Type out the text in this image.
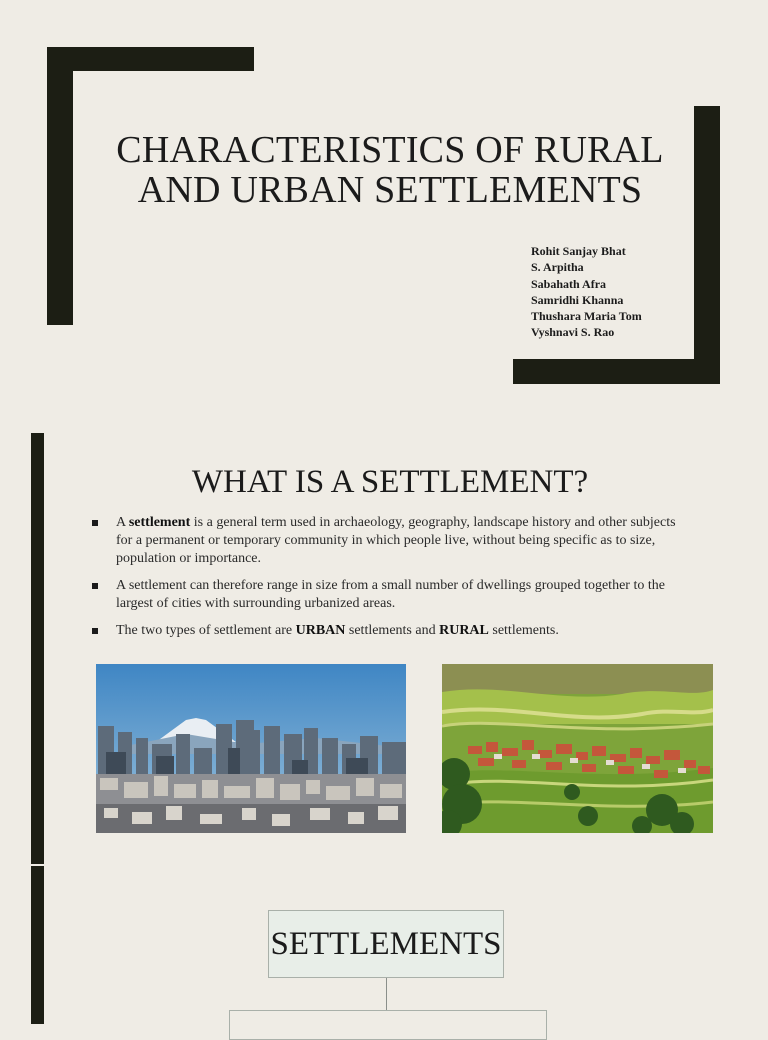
CHARACTERISTICS OF RURAL
AND URBAN SETTLEMENTS
Rohit Sanjay Bhat
S. Arpitha
Sabahath Afra
Samridhi Khanna
Thushara Maria Tom
Vyshnavi S. Rao
WHAT IS A SETTLEMENT?
A settlement is a general term used in archaeology, geography, landscape history and other subjects for a permanent or temporary community in which people live, without being specific as to size, population or importance.
A settlement can therefore range in size from a small number of dwellings grouped together to the largest of cities with surrounding urbanized areas.
The two types of settlement are URBAN settlements and RURAL settlements.
SETTLEMENTS
